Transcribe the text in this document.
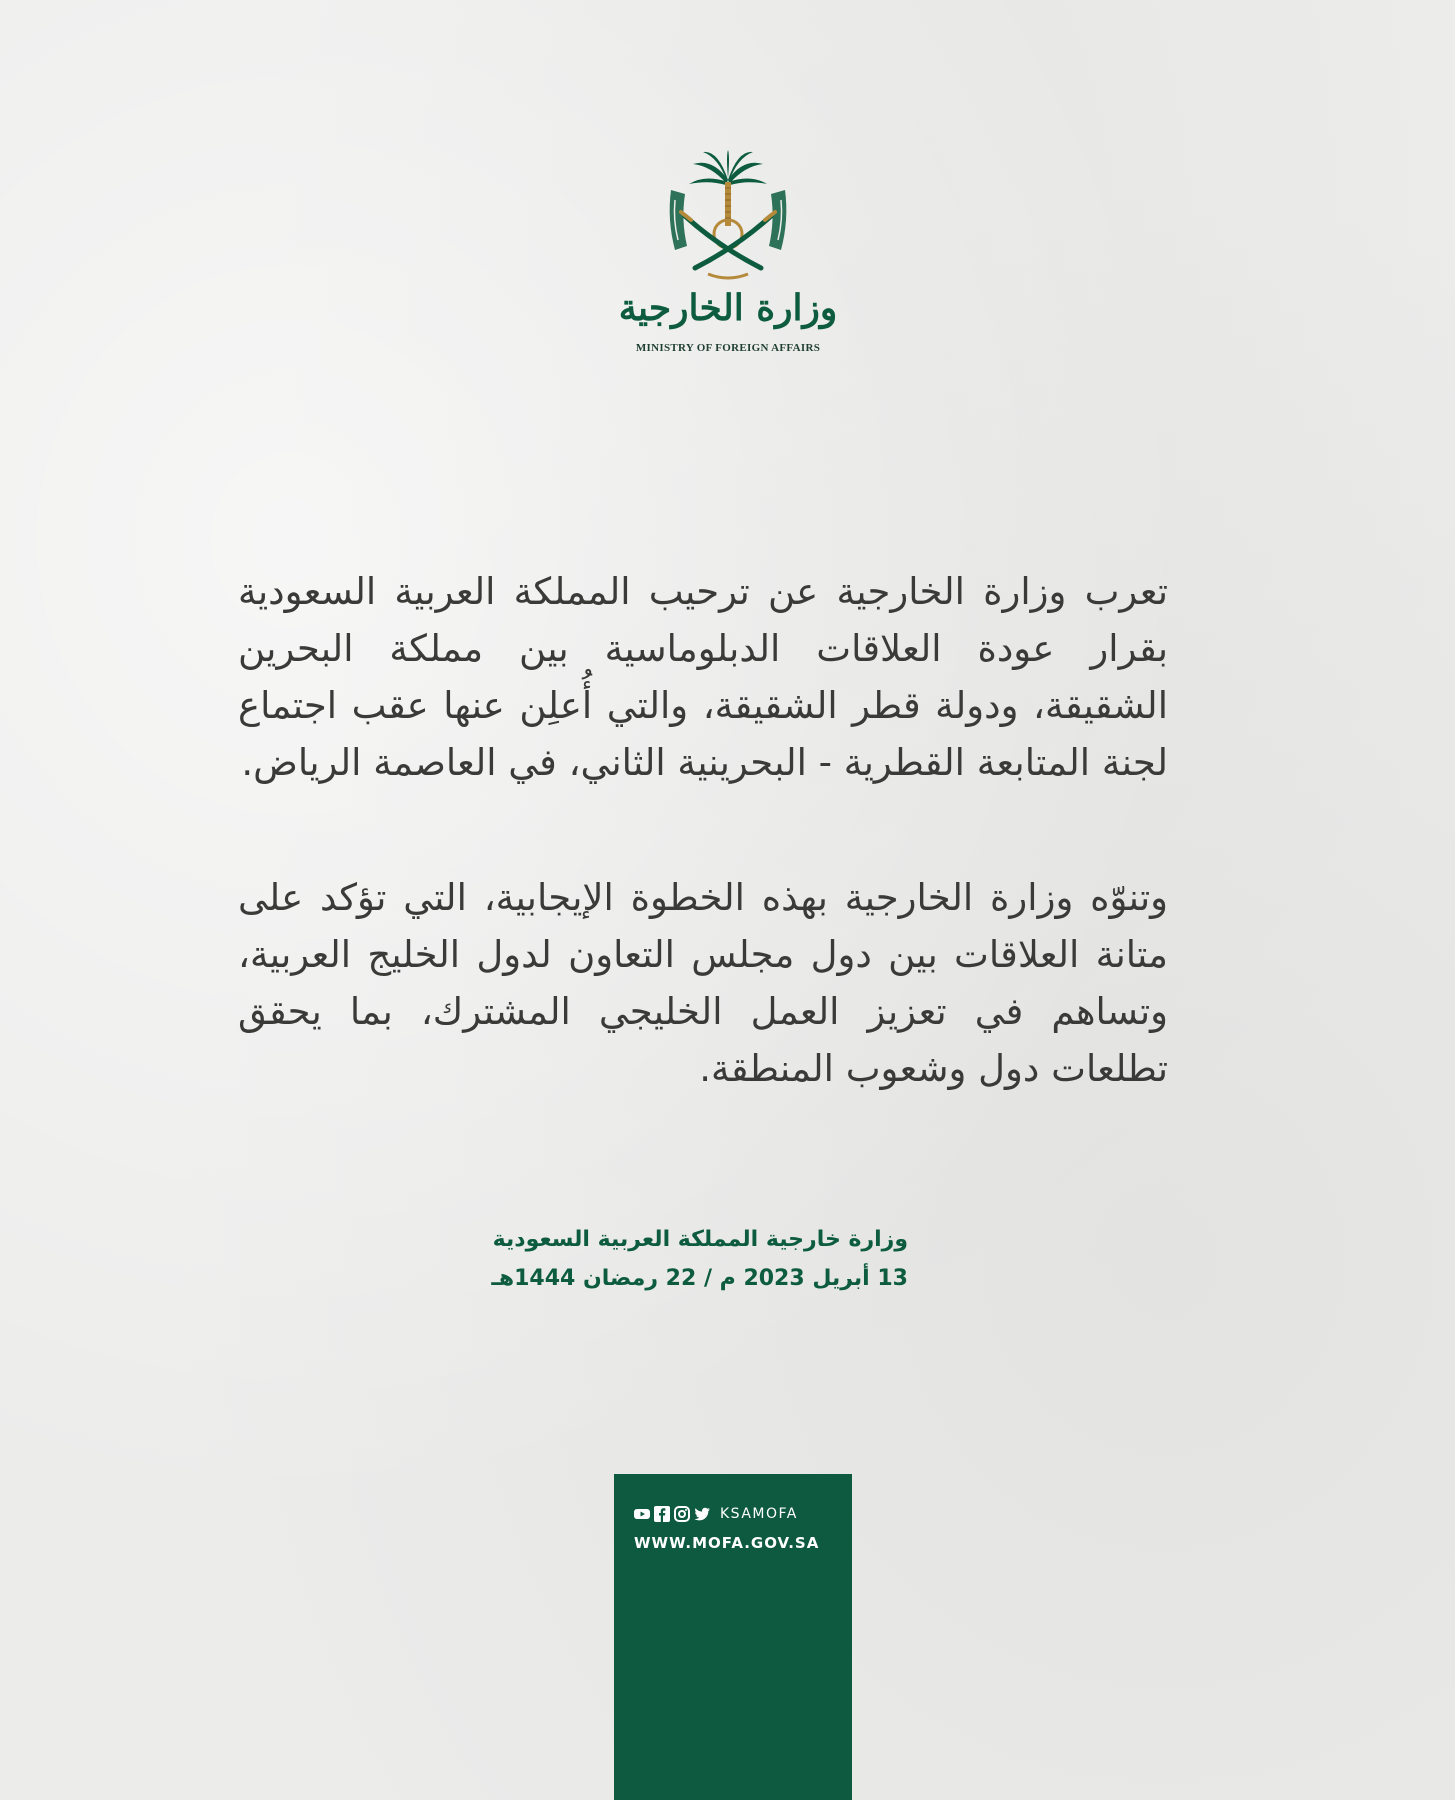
وزارة الخارجية
MINISTRY OF FOREIGN AFFAIRS

تعرب وزارة الخارجية عن ترحيب المملكة العربية السعودية بقرار عودة العلاقات الدبلوماسية بين مملكة البحرين الشقيقة، ودولة قطر الشقيقة، والتي أُعلِن عنها عقب اجتماع لجنة المتابعة القطرية - البحرينية الثاني، في العاصمة الرياض.

وتنوّه وزارة الخارجية بهذه الخطوة الإيجابية، التي تؤكد على متانة العلاقات بين دول مجلس التعاون لدول الخليج العربية، وتساهم في تعزيز العمل الخليجي المشترك، بما يحقق تطلعات دول وشعوب المنطقة.

وزارة خارجية المملكة العربية السعودية
13 أبريل 2023 م / 22 رمضان 1444هـ
KSAMOFA
WWW.MOFA.GOV.SA
